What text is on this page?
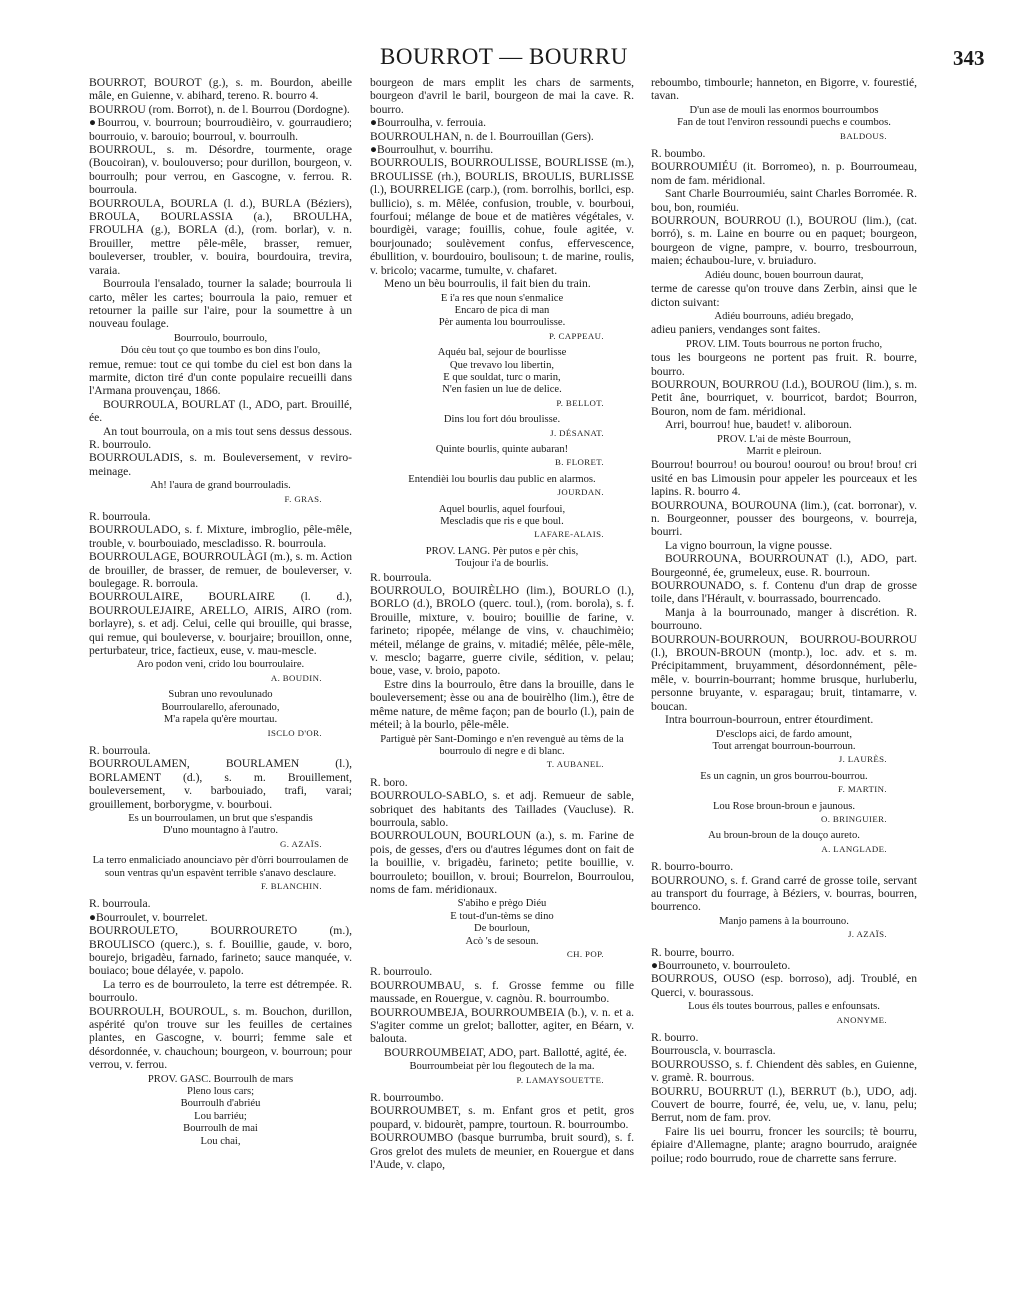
BOURROT — BOURRU	343

BOURROT, BOUROT (g.), s. m. Bourdon, abeille mâle, en Guienne, v. abihard, tereno. R. bourro 4.

BOURROU (rom. Borrot), n. de l. Bourrou (Dordogne).

●Bourrou, v. bourroun; bourroudièiro, v. gourraudiero; bourrouio, v. barouio; bourroul, v. bourroulh.

BOURROUL, s. m. Désordre, tourmente, orage (Boucoiran), v. boulouverso; pour durillon, bourgeon, v. bourroulh; pour verrou, en Gascogne, v. ferrou. R. bourroula.

BOURROULA, BOURLA (l. d.), BURLA (Béziers), BROULA, BOURLASSIA (a.), BROULHA, FROULHA (g.), BORLA (d.), (rom. borlar), v. n. Brouiller, mettre pêle-mêle, brasser, remuer, bouleverser, troubler, v. bouira, bourdouira, trevira, varaia.

Bourroula l'ensalado, tourner la salade; bourroula li carto, mêler les cartes; bourroula la paio, remuer et retourner la paille sur l'aire, pour la soumettre à un nouveau foulage.

Bourroulo, bourroulo,
Dóu cèu tout ço que toumbo es bon dins l'oulo,

remue, remue: tout ce qui tombe du ciel est bon dans la marmite, dicton tiré d'un conte populaire recueilli dans l'Armana prouvençau, 1866.

BOURROULA, BOURLAT (l., ADO, part. Brouillé, ée.

An tout bourroula, on a mis tout sens dessus dessous. R. bourroulo.

BOURROULADIS, s. m. Bouleversement, v reviro-meinage.

Ah! l'aura de grand bourrouladis.
F. GRAS.

R. bourroula.

BOURROULADO, s. f. Mixture, imbroglio, pêle-mêle, trouble, v. bourbouiado, mescladisso. R. bourroula.

BOURROULAGE, BOURROULÀGI (m.), s. m. Action de brouiller, de brasser, de remuer, de bouleverser, v. boulegage. R. borroula.

BOURROULAIRE, BOURLAIRE (l. d.), BOURROULEJAIRE, ARELLO, AIRIS, AIRO (rom. borlayre), s. et adj. Celui, celle qui brouille, qui brasse, qui remue, qui bouleverse, v. bourjaire; brouillon, onne, perturbateur, trice, factieux, euse, v. mau-mescle.

Aro podon veni, crido lou bourroulaire.
A. BOUDIN.
Subran uno revoulunado
Bourroularello, aferounado,
M'a rapela qu'ère mourtau.
ISCLO D'OR.

R. bourroula.

BOURROULAMEN, BOURLAMEN (l.), BORLAMENT (d.), s. m. Brouillement, bouleversement, v. barbouiado, trafi, varai; grouillement, borborygme, v. bourboui.

Es un bourroulamen, un brut que s'espandis
D'uno mountagno à l'autro.
G. AZAÏS.
La terro enmaliciado anounciavo pèr d'òrri bourroulamen de soun ventras qu'un espavènt terrible s'anavo desclaure.
F. BLANCHIN.

R. bourroula.

●Bourroulet, v. bourrelet.

BOURROULETO, BOURROURETO (m.), BROULISCO (querc.), s. f. Bouillie, gaude, v. boro, bourejo, brigadèu, farnado, farineto; sauce manquée, v. bouiaco; boue délayée, v. papolo.

La terro es de bourrouleto, la terre est détrempée. R. bourroulo.

BOURROULH, BOUROUL, s. m. Bouchon, durillon, aspérité qu'on trouve sur les feuilles de certaines plantes, en Gascogne, v. bourri; femme sale et désordonnée, v. chauchoun; bourgeon, v. bourroun; pour verrou, v. ferrou.

PROV. GASC. Bourroulh de mars
Pleno lous cars;
Bourroulh d'abriéu
Lou barriéu;
Bourroulh de mai
Lou chai,

bourgeon de mars emplit les chars de sarments, bourgeon d'avril le baril, bourgeon de mai la cave. R. bourro.

●Bourroulha, v. ferrouia.

BOURROULHAN, n. de l. Bourrouillan (Gers).

●Bourroulhut, v. bourrihu.

BOURROULIS, BOURROULISSE, BOURLISSE (m.), BROULISSE (rh.), BOURLIS, BROULIS, BURLISSE (l.), BOURRELIGE (carp.), (rom. borrolhis, borllci, esp. bullicio), s. m. Mêlée, confusion, trouble, v. bourboui, fourfoui; mélange de boue et de matières végétales, v. bourdigèi, varage; fouillis, cohue, foule agitée, v. bourjounado; soulèvement confus, effervescence, ébullition, v. bourdouiro, boulisoun; t. de marine, roulis, v. bricolo; vacarme, tumulte, v. chafaret.

Meno un bèu bourroulis, il fait bien du train.

E i'a res que noun s'enmalice
Encaro de pica di man
Pèr aumenta lou bourroulisse.
P. CAPPEAU.
Aquéu bal, sejour de bourlisse
Que trevavo lou libertin,
E que souldat, turc o marin,
N'en fasien un lue de delice.
P. BELLOT.
Dins lou fort dóu broulisse.
J. DÉSANAT.
Quinte bourlis, quinte aubaran!
B. FLORET.
Entendièi lou bourlis dau public en alarmos.
JOURDAN.
Aquel bourlis, aquel fourfoui,
Mescladis que ris e que boul.
LAFARE-ALAIS.
PROV. LANG. Pèr putos e pèr chis,
Toujour i'a de bourlis.

R. bourroula.

BOURROULO, BOUIRÈLHO (lim.), BOURLO (l.), BORLO (d.), BROLO (querc. toul.), (rom. borola), s. f. Brouille, mixture, v. bouiro; bouillie de farine, v. farineto; ripopée, mélange de vins, v. chauchimèio; méteil, mélange de grains, v. mitadié; mêlée, pêle-mêle, v. mesclo; bagarre, guerre civile, sédition, v. pelau; boue, vase, v. broio, papoto.

Estre dins la bourroulo, être dans la brouille, dans le bouleversement; èsse ou ana de bouirèlho (lim.), être de même nature, de même façon; pan de bourlo (l.), pain de méteil; à la bourlo, pêle-mêle.

Partiguè pèr Sant-Domingo e n'en revenguè au tèms de la bourroulo di negre e di blanc.
T. AUBANEL.

R. boro.

BOURROULO-SABLO, s. et adj. Remueur de sable, sobriquet des habitants des Taillades (Vaucluse). R. bourroula, sablo.

BOURROULOUN, BOURLOUN (a.), s. m. Farine de pois, de gesses, d'ers ou d'autres légumes dont on fait de la bouillie, v. brigadèu, farineto; petite bouillie, v. bourrouleto; bouillon, v. broui; Bourrelon, Bourroulou, noms de fam. méridionaux.

S'abiho e prègo Diéu
E tout-d'un-tèms se dino
De bourloun,
Acò 's de sesoun.
CH. POP.

R. bourroulo.

BOURROUMBAU, s. f. Grosse femme ou fille maussade, en Rouergue, v. cagnòu. R. bourroumbo.

BOURROUMBEJA, BOURROUMBEIA (b.), v. n. et a. S'agiter comme un grelot; ballotter, agiter, en Béarn, v. balouta.

BOURROUMBEIAT, ADO, part. Ballotté, agité, ée.

Bourroumbeiat pèr lou flegoutech de la ma.
P. LAMAYSOUETTE.

R. bourroumbo.

BOURROUMBET, s. m. Enfant gros et petit, gros poupard, v. bidourèt, pampre, tourtoun. R. bourroumbo.

BOURROUMBO (basque burrumba, bruit sourd), s. f. Gros grelot des mulets de meunier, en Rouergue et dans l'Aude, v. clapo,

reboumbo, timbourle; hanneton, en Bigorre, v. fourestié, tavan.

D'un ase de mouli las enormos bourroumbos
Fan de tout l'environ ressoundi puechs e coumbos.
BALDOUS.

R. boumbo.

BOURROUMIÉU (it. Borromeo), n. p. Bourroumeau, nom de fam. méridional.

Sant Charle Bourroumiéu, saint Charles Borromée. R. bou, bon, roumiéu.

BOURROUN, BOURROU (l.), BOUROU (lim.), (cat. borró), s. m. Laine en bourre ou en paquet; bourgeon, bourgeon de vigne, pampre, v. bourro, tresbourroun, maien; échaubou-lure, v. bruiaduro.

Adiéu dounc, bouen bourroun daurat,

terme de caresse qu'on trouve dans Zerbin, ainsi que le dicton suivant:

Adiéu bourrouns, adiéu bregado,

adieu paniers, vendanges sont faites.

PROV. LIM. Touts bourrous ne porton frucho,

tous les bourgeons ne portent pas fruit. R. bourre, bourro.

BOURROUN, BOURROU (l.d.), BOUROU (lim.), s. m. Petit âne, bourriquet, v. bourricot, bardot; Bourron, Bouron, nom de fam. méridional.

Arri, bourrou! hue, baudet! v. aliboroun.

PROV. L'ai de mèste Bourroun,
Marrit e pleiroun.

Bourrou! bourrou! ou bourou! oourou! ou brou! brou! cri usité en bas Limousin pour appeler les pourceaux et les lapins. R. bourro 4.

BOURROUNA, BOUROUNA (lim.), (cat. borronar), v. n. Bourgeonner, pousser des bourgeons, v. bourreja, bourri.

La vigno bourroun, la vigne pousse.

BOURROUNA, BOURROUNAT (l.), ADO, part. Bourgeonné, ée, grumeleux, euse. R. bourroun.

BOURROUNADO, s. f. Contenu d'un drap de grosse toile, dans l'Hérault, v. bourrassado, bourrencado.

Manja à la bourrounado, manger à discrétion. R. bourrouno.

BOURROUN-BOURROUN, BOURROU-BOURROU (l.), BROUN-BROUN (montp.), loc. adv. et s. m. Précipitamment, bruyamment, désordonnément, pêle-mêle, v. bourrin-bourrant; homme brusque, hurluberlu, personne bruyante, v. esparagau; bruit, tintamarre, v. boucan.

Intra bourroun-bourroun, entrer étourdiment.

D'esclops aici, de fardo amount,
Tout arrengat bourroun-bourroun.
J. LAURÈS.
Es un cagnin, un gros bourrou-bourrou.
F. MARTIN.
Lou Rose broun-broun e jaunous.
O. BRINGUIER.
Au broun-broun de la douço aureto.
A. LANGLADE.

R. bourro-bourro.

BOURROUNO, s. f. Grand carré de grosse toile, servant au transport du fourrage, à Béziers, v. bourras, bourren, bourrenco.

Manjo pamens à la bourrouno.
J. AZAÏS.

R. bourre, bourro.

●Bourrouneto, v. bourrouleto.

BOURROUS, OUSO (esp. borroso), adj. Troublé, en Querci, v. bourassous.

Lous éls toutes bourrous, palles e enfounsats.
ANONYME.

R. bourro.

Bourrouscla, v. bourrascla.

BOURROUSSO, s. f. Chiendent dès sables, en Guienne, v. gramè. R. bourrous.

BOURRU, BOURRUT (l.), BERRUT (b.), UDO, adj. Couvert de bourre, fourré, ée, velu, ue, v. lanu, pelu; Berrut, nom de fam. prov.

Faire lis uei bourru, froncer les sourcils; tè bourru, épiaire d'Allemagne, plante; aragno bourrudo, araignée poilue; rodo bourrudo, roue de charrette sans ferrure.
